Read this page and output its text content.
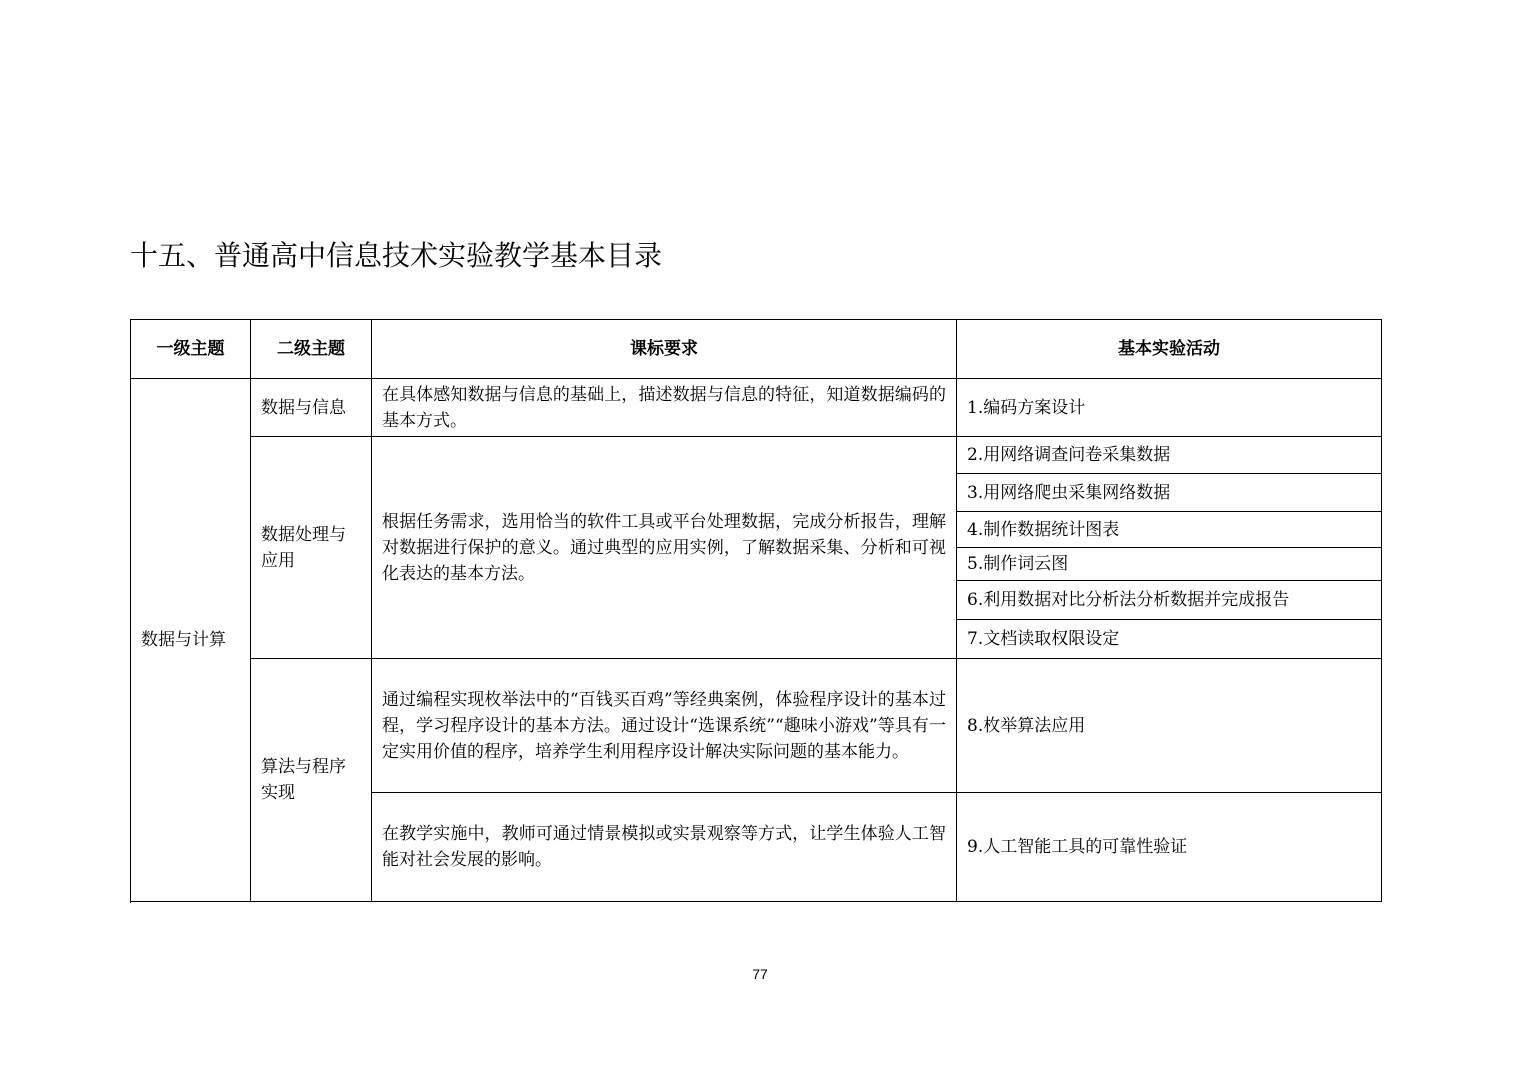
十五、普通高中信息技术实验教学基本目录
一级主题	二级主题	课标要求	基本实验活动
数据与计算	数据与信息	在具体感知数据与信息的基础上，描述数据与信息的特征，知道数据编码的基本方式。	1.编码方案设计
	数据处理与应用	根据任务需求，选用恰当的软件工具或平台处理数据，完成分析报告，理解对数据进行保护的意义。通过典型的应用实例，了解数据采集、分析和可视化表达的基本方法。	2.用网络调查问卷采集数据
			3.用网络爬虫采集网络数据
			4.制作数据统计图表
			5.制作词云图
			6.利用数据对比分析法分析数据并完成报告
			7.文档读取权限设定
	算法与程序实现	通过编程实现枚举法中的“百钱买百鸡”等经典案例，体验程序设计的基本过程，学习程序设计的基本方法。通过设计“选课系统”“趣味小游戏”等具有一定实用价值的程序，培养学生利用程序设计解决实际问题的基本能力。	8.枚举算法应用
		在教学实施中，教师可通过情景模拟或实景观察等方式，让学生体验人工智能对社会发展的影响。	9.人工智能工具的可靠性验证

77
